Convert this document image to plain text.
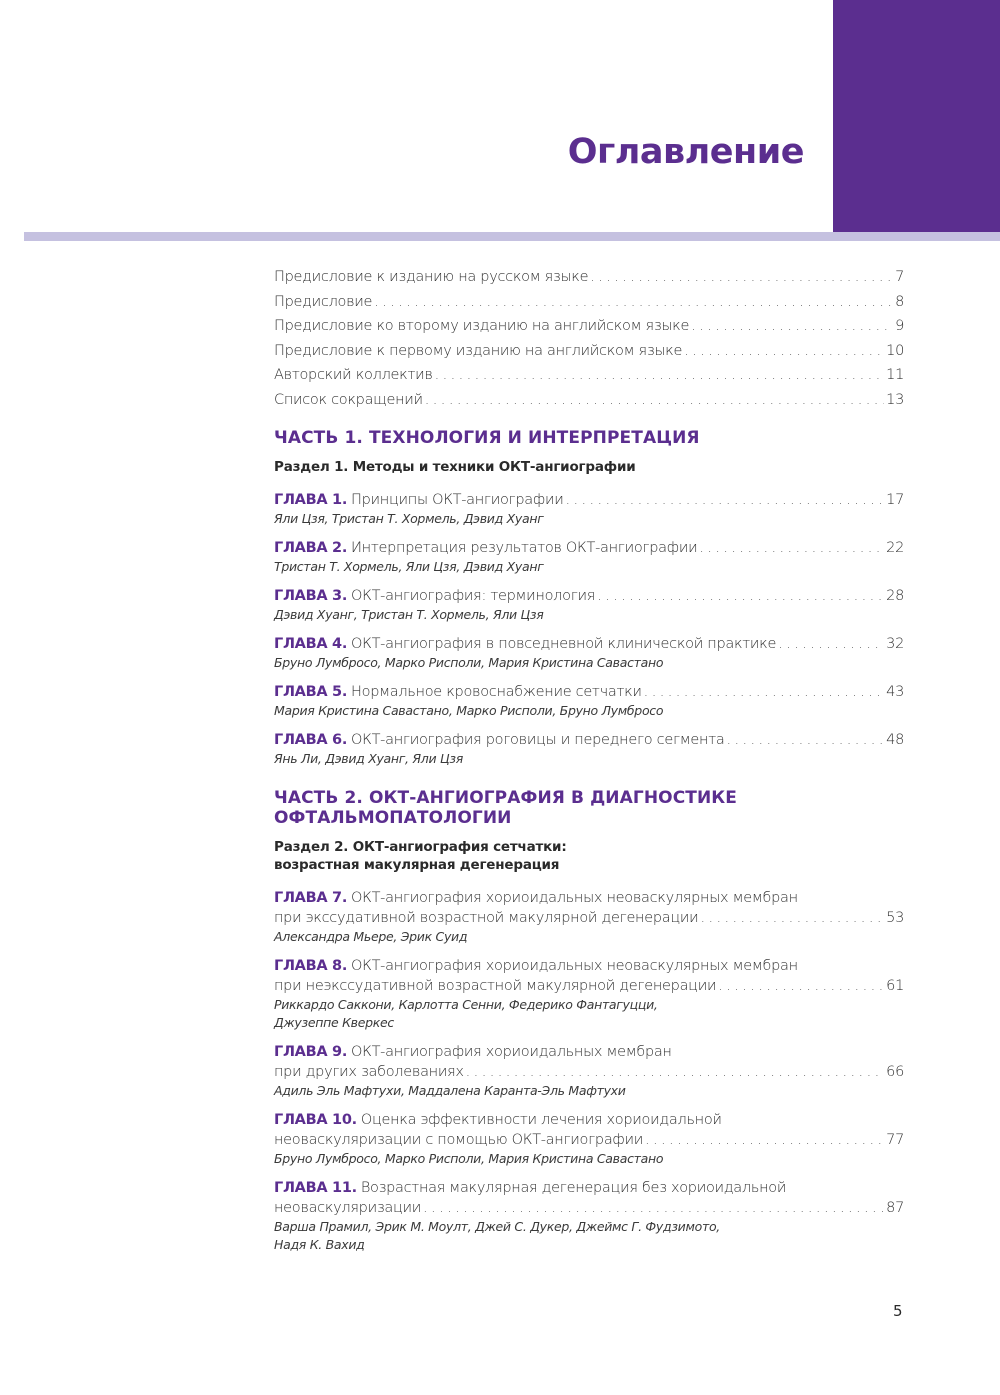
Оглавление
Предисловие к изданию на русском языке . . .	7
Предисловие . . .	8
Предисловие ко второму изданию на английском языке . . .	9
Предисловие к первому изданию на английском языке . . .	10
Авторский коллектив . . .	11
Список сокращений . . .	13
ЧАСТЬ 1. ТЕХНОЛОГИЯ И ИНТЕРПРЕТАЦИЯ
Раздел 1. Методы и техники ОКТ-ангиографии
ГЛАВА 1. Принципы ОКТ-ангиографии . . .	17
Яли Цзя, Тристан Т. Хормель, Дэвид Хуанг
ГЛАВА 2. Интерпретация результатов ОКТ-ангиографии . . .	22
Тристан Т. Хормель, Яли Цзя, Дэвид Хуанг
ГЛАВА 3. ОКТ-ангиография: терминология . . .	28
Дэвид Хуанг, Тристан Т. Хормель, Яли Цзя
ГЛАВА 4. ОКТ-ангиография в повседневной клинической практике . . .	32
Бруно Лумбросо, Марко Рисполи, Мария Кристина Савастано
ГЛАВА 5. Нормальное кровоснабжение сетчатки . . .	43
Мария Кристина Савастано, Марко Рисполи, Бруно Лумбросо
ГЛАВА 6. ОКТ-ангиография роговицы и переднего сегмента . . .	48
Янь Ли, Дэвид Хуанг, Яли Цзя
ЧАСТЬ 2. ОКТ-АНГИОГРАФИЯ В ДИАГНОСТИКЕ
ОФТАЛЬМОПАТОЛОГИИ
Раздел 2. ОКТ-ангиография сетчатки:
возрастная макулярная дегенерация
ГЛАВА 7. ОКТ-ангиография хориоидальных неоваскулярных мембран
при экссудативной возрастной макулярной дегенерации . . .	53
Александра Мьере, Эрик Суид
ГЛАВА 8. ОКТ-ангиография хориоидальных неоваскулярных мембран
при неэкссудативной возрастной макулярной дегенерации . . .	61
Риккардо Саккони, Карлотта Сенни, Федерико Фантагуцци,
Джузеппе Кверкес
ГЛАВА 9. ОКТ-ангиография хориоидальных мембран
при других заболеваниях . . .	66
Адиль Эль Мафтухи, Маддалена Каранта-Эль Мафтухи
ГЛАВА 10. Оценка эффективности лечения хориоидальной
неоваскуляризации с помощью ОКТ-ангиографии . . .	77
Бруно Лумбросо, Марко Рисполи, Мария Кристина Савастано
ГЛАВА 11. Возрастная макулярная дегенерация без хориоидальной
неоваскуляризации . . .	87
Варша Прамил, Эрик М. Моулт, Джей С. Дукер, Джеймс Г. Фудзимото,
Надя К. Вахид
5
